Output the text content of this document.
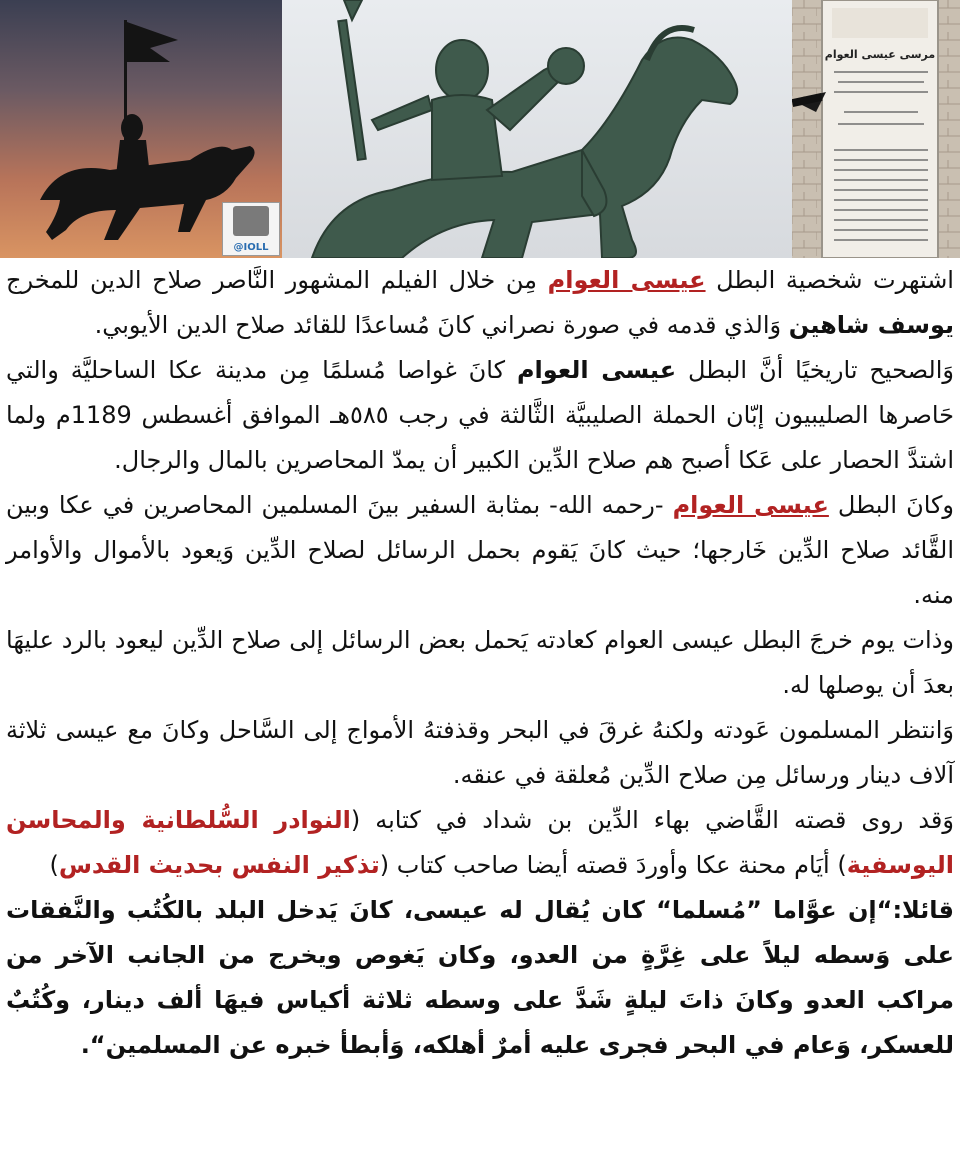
@IOLL
مرسى عيسى العوام

اشتهرت شخصية البطل عيسى العوام مِن خلال الفيلم المشهور النَّاصر صلاح الدين للمخرج يوسف شاهين وَالذي قدمه في صورة نصراني كانَ مُساعدًا للقائد صلاح الدين الأيوبي.

وَالصحيح تاريخيًا أنَّ البطل عيسى العوام كانَ غواصا مُسلمًا مِن مدينة عكا الساحليَّة والتي حَاصرها الصليبيون إبّان الحملة الصليبيَّة الثَّالثة في رجب ٥٨٥هـ الموافق أغسطس 1189م ولما اشتدَّ الحصار على عَكا أصبح هم صلاح الدِّين الكبير أن يمدّ المحاصرين بالمال والرجال.

وكانَ البطل عيسى العوام -رحمه الله- بمثابة السفير بينَ المسلمين المحاصرين في عكا وبين القَّائد صلاح الدِّين خَارجها؛ حيث كانَ يَقوم بحمل الرسائل لصلاح الدِّين وَيعود بالأموال والأوامر منه.

وذات يوم خرجَ البطل عيسى العوام كعادته يَحمل بعض الرسائل إلى صلاح الدِّين ليعود بالرد عليهَا بعدَ أن يوصلها له.

وَانتظر المسلمون عَودته ولكنهُ غرقَ في البحر وقذفتهُ الأمواج إلى السَّاحل وكانَ مع عيسى ثلاثة آلاف دينار ورسائل مِن صلاح الدِّين مُعلقة في عنقه.

وَقد روى قصته القَّاضي بهاء الدِّين بن شداد في كتابه (النوادر السُّلطانية والمحاسن اليوسفية) أيَام محنة عكا وأوردَ قصته أيضا صاحب كتاب (تذكير النفس بحديث القدس)

قائلا:“إن عوَّاما ”مُسلما“ كان يُقال له عيسى، كانَ يَدخل البلد بالكُتُب والنَّفقات على وَسطه ليلاً على غِرَّةٍ من العدو، وكان يَغوص ويخرج من الجانب الآخر من مراكب العدو وكانَ ذاتَ ليلةٍ شَدَّ على وسطه ثلاثة أكياس فيهَا ألف دينار، وكُتُبٌ للعسكر، وَعام في البحر فجرى عليه أمرٌ أهلكه، وَأبطأ خبره عن المسلمين“.
